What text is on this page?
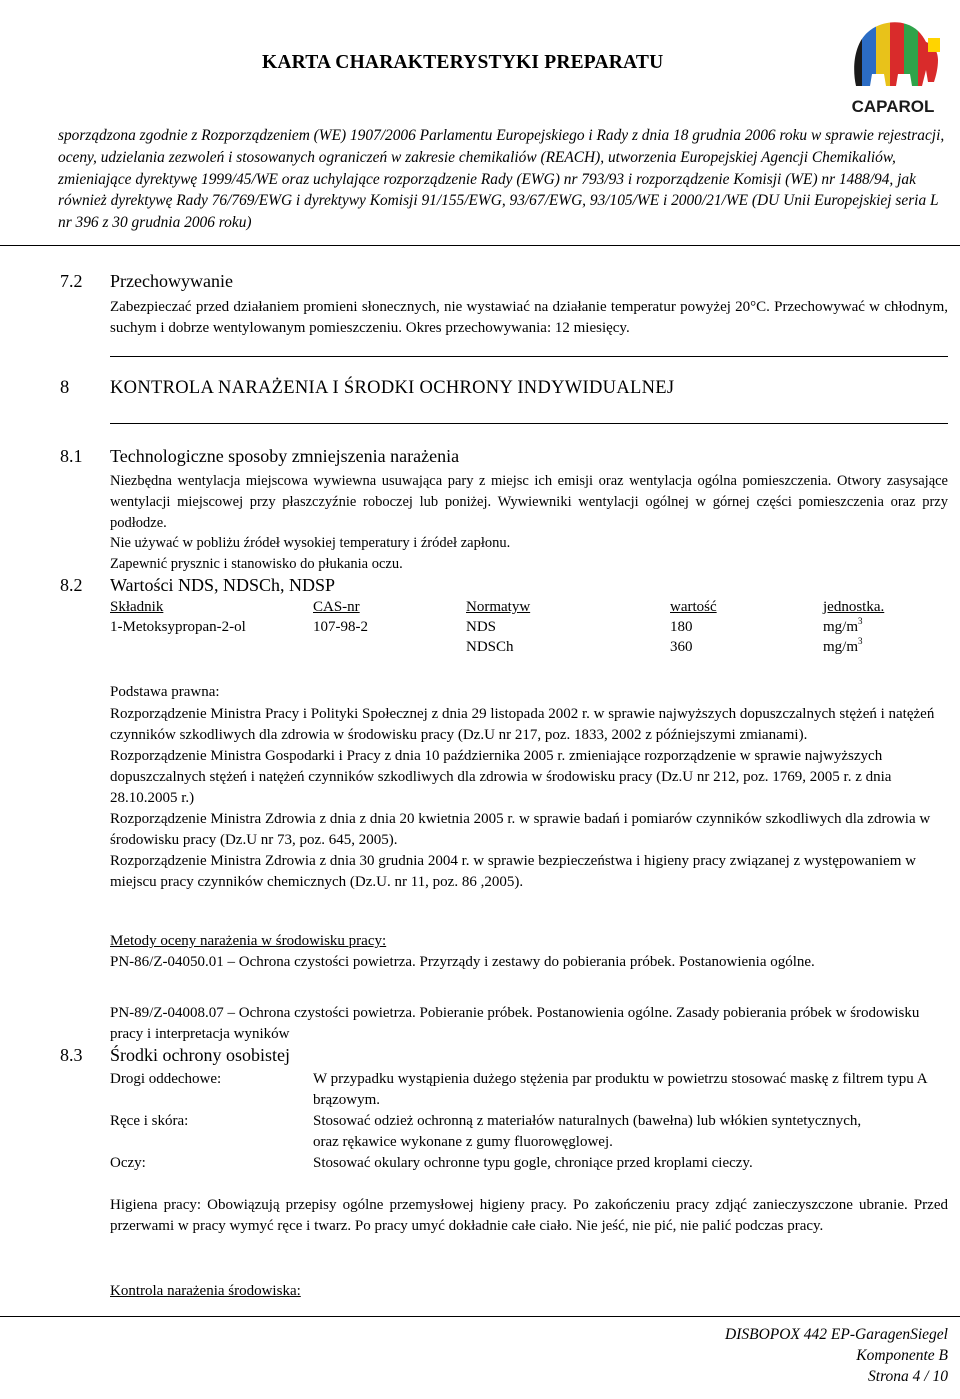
KARTA CHARAKTERYSTYKI PREPARATU
CAPAROL
sporządzona zgodnie z Rozporządzeniem (WE) 1907/2006 Parlamentu Europejskiego i Rady z dnia 18 grudnia 2006 roku w sprawie rejestracji, oceny, udzielania zezwoleń i stosowanych ograniczeń w zakresie chemikaliów (REACH), utworzenia Europejskiej Agencji Chemikaliów, zmieniające dyrektywę 1999/45/WE oraz uchylające rozporządzenie Rady (EWG) nr 793/93 i rozporządzenie Komisji (WE) nr 1488/94, jak również dyrektywę Rady 76/769/EWG i dyrektywy Komisji 91/155/EWG, 93/67/EWG, 93/105/WE i 2000/21/WE (DU Unii Europejskiej seria L nr 396 z 30 grudnia 2006 roku)
7.2 Przechowywanie
Zabezpieczać przed działaniem promieni słonecznych, nie wystawiać na działanie temperatur powyżej 20°C. Przechowywać w chłodnym, suchym i dobrze wentylowanym pomieszczeniu. Okres przechowywania: 12 miesięcy.
8 KONTROLA NARAŻENIA I ŚRODKI OCHRONY INDYWIDUALNEJ
8.1 Technologiczne sposoby zmniejszenia narażenia
Niezbędna wentylacja miejscowa wywiewna usuwająca pary z miejsc ich emisji oraz wentylacja ogólna pomieszczenia. Otwory zasysające wentylacji miejscowej przy płaszczyźnie roboczej lub poniżej. Wywiewniki wentylacji ogólnej w górnej części pomieszczenia oraz przy podłodze.
Nie używać w pobliżu źródeł wysokiej temperatury i źródeł zapłonu.
Zapewnić prysznic i stanowisko do płukania oczu.
8.2 Wartości NDS, NDSCh, NDSP
Składnik	CAS-nr	Normatyw	wartość	jednostka.
1-Metoksypropan-2-ol	107-98-2	NDS	180	$mg/m^3$
		NDSCh	360	$mg/m^3$
Podstawa prawna:
Rozporządzenie Ministra Pracy i Polityki Społecznej z dnia 29 listopada 2002 r. w sprawie najwyższych dopuszczalnych stężeń i natężeń czynników szkodliwych dla zdrowia w środowisku pracy (Dz.U nr 217, poz. 1833, 2002 z późniejszymi zmianami).
Rozporządzenie Ministra Gospodarki i Pracy z dnia 10 października 2005 r. zmieniające rozporządzenie w sprawie najwyższych dopuszczalnych stężeń i natężeń czynników szkodliwych dla zdrowia w środowisku pracy (Dz.U nr 212, poz. 1769, 2005 r. z dnia 28.10.2005 r.)
Rozporządzenie Ministra Zdrowia z dnia z dnia 20 kwietnia 2005 r. w sprawie badań i pomiarów czynników szkodliwych dla zdrowia w środowisku pracy (Dz.U nr 73, poz. 645, 2005).
Rozporządzenie Ministra Zdrowia z dnia 30 grudnia 2004 r. w sprawie bezpieczeństwa i higieny pracy związanej z występowaniem w miejscu pracy czynników chemicznych (Dz.U. nr 11, poz. 86 ,2005).
Metody oceny narażenia w środowisku pracy:
PN-86/Z-04050.01 – Ochrona czystości powietrza. Przyrządy i zestawy do pobierania próbek. Postanowienia ogólne.
PN-89/Z-04008.07 – Ochrona czystości powietrza. Pobieranie próbek. Postanowienia ogólne. Zasady pobierania próbek w środowisku pracy i interpretacja wyników
8.3 Środki ochrony osobistej
Drogi oddechowe:	W przypadku wystąpienia dużego stężenia par produktu w powietrzu stosować maskę z filtrem typu A brązowym.
Ręce i skóra:	Stosować odzież ochronną z materiałów naturalnych (bawełna) lub włókien syntetycznych, oraz rękawice wykonane z gumy fluorowęglowej.
Oczy:	Stosować okulary ochronne typu gogle, chroniące przed kroplami cieczy.
Higiena pracy: Obowiązują przepisy ogólne przemysłowej higieny pracy. Po zakończeniu pracy zdjąć zanieczyszczone ubranie. Przed przerwami w pracy wymyć ręce i twarz. Po pracy umyć dokładnie całe ciało. Nie jeść, nie pić, nie palić podczas pracy.
Kontrola narażenia środowiska:
DISBOPOX 442 EP-GaragenSiegel
Komponente B
Strona 4 / 10
